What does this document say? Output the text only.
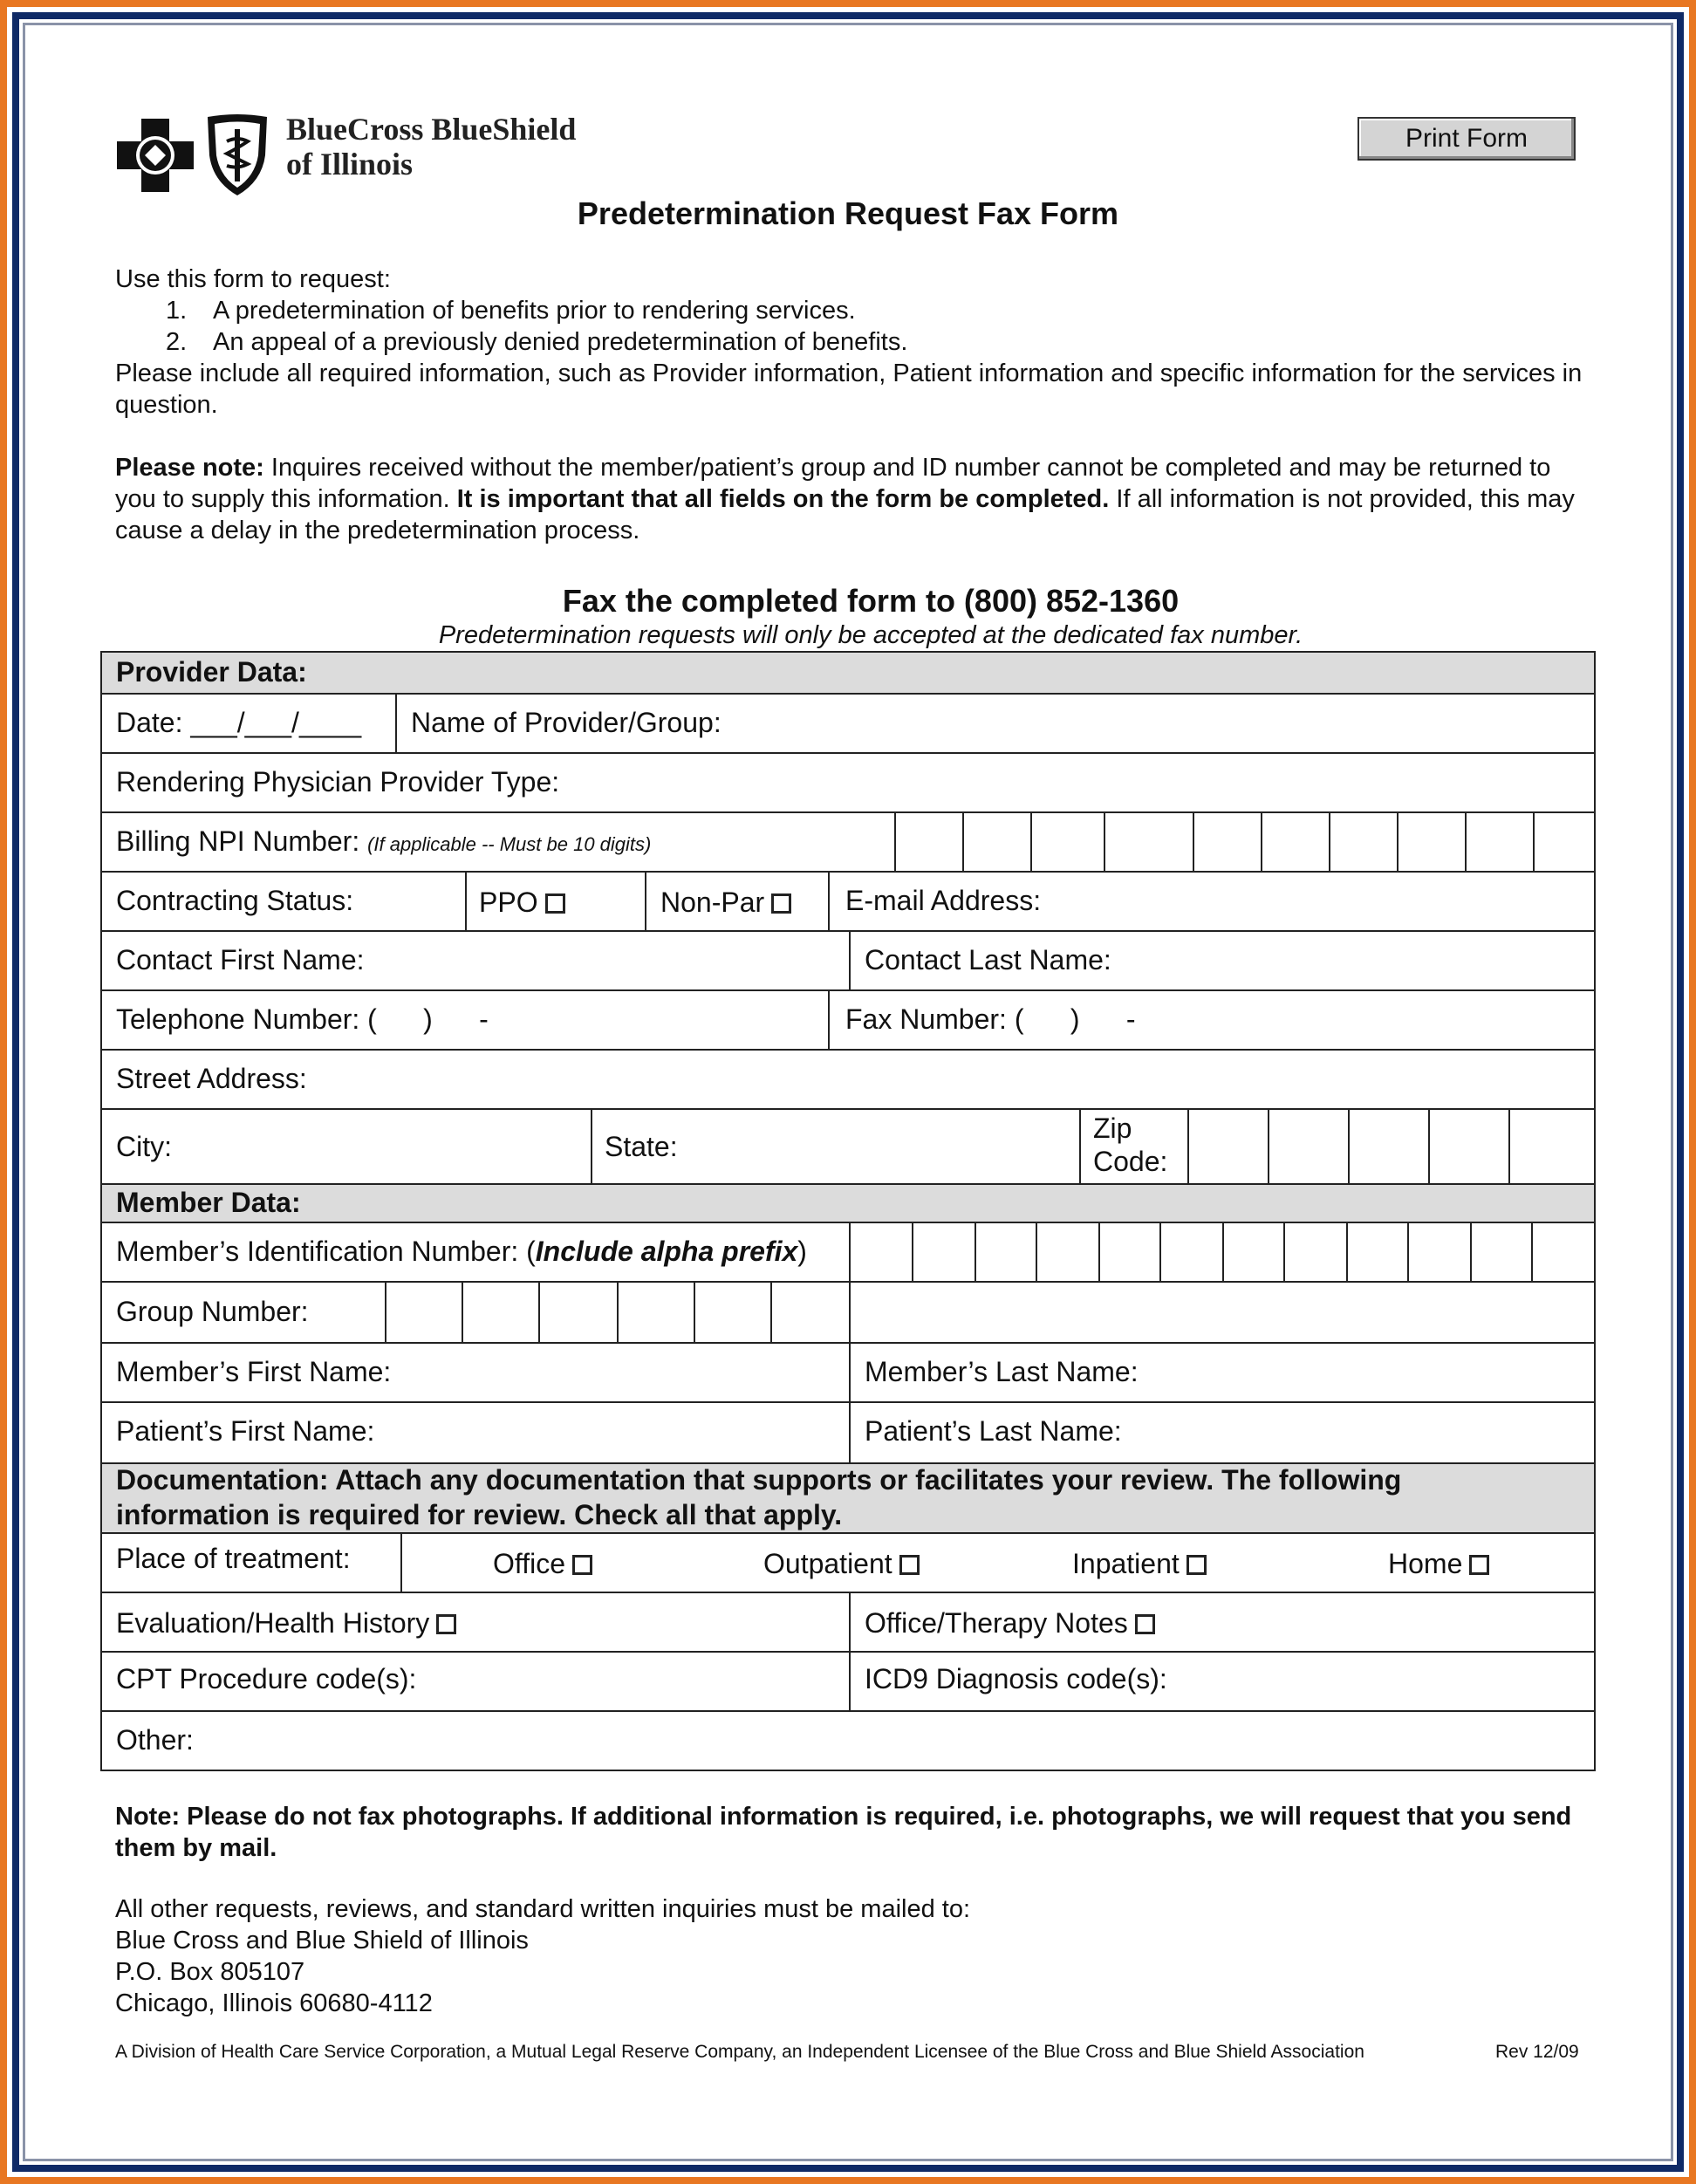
BlueCross BlueShield
of Illinois
Print Form
Predetermination Request Fax Form
Use this form to request:
1.	A predetermination of benefits prior to rendering services.
2.	An appeal of a previously denied predetermination of benefits.
Please include all required information, such as Provider information, Patient information and specific information for the services in question.
Please note: Inquires received without the member/patient’s group and ID number cannot be completed and may be returned to you to supply this information. It is important that all fields on the form be completed. If all information is not provided, this may cause a delay in the predetermination process.
Fax the completed form to (800) 852-1360
Predetermination requests will only be accepted at the dedicated fax number.
Provider Data:
Date: ___/___/____ Name of Provider/Group:
Rendering Physician Provider Type:
Billing NPI Number: (If applicable -- Must be 10 digits)
Contracting Status:	PPO	Non-Par	E-mail Address:
Contact First Name:	Contact Last Name:
Telephone Number: (      )      -	Fax Number: (      )      -
Street Address:
City:	State:
Zip
Code:
Member Data:
Member’s Identification Number: (Include alpha prefix)
Group Number:
Member’s First Name:	Member’s Last Name:
Patient’s First Name:	Patient’s Last Name:
Documentation: Attach any documentation that supports or facilitates your review. The following
information is required for review. Check all that apply.
Place of treatment:	Office	Outpatient	Inpatient	Home
Evaluation/Health History	Office/Therapy Notes
CPT Procedure code(s):	ICD9 Diagnosis code(s):
Other:
Note: Please do not fax photographs. If additional information is required, i.e. photographs, we will request that you send them by mail.
All other requests, reviews, and standard written inquiries must be mailed to:
Blue Cross and Blue Shield of Illinois
P.O. Box 805107
Chicago, Illinois 60680-4112
A Division of Health Care Service Corporation, a Mutual Legal Reserve Company, an Independent Licensee of the Blue Cross and Blue Shield Association	Rev 12/09
